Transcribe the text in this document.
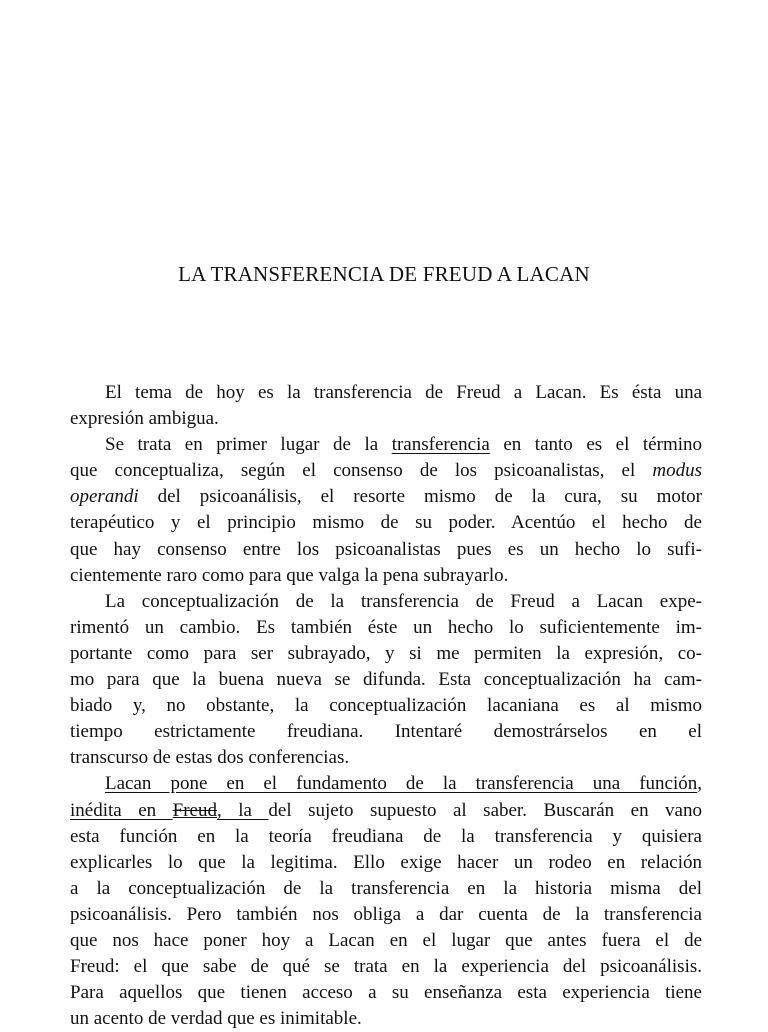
LA TRANSFERENCIA DE FREUD A LACAN
El tema de hoy es la transferencia de Freud a Lacan. Es ésta una
expresión ambigua.
Se trata en primer lugar de la transferencia en tanto es el término
que conceptualiza, según el consenso de los psicoanalistas, el modus
operandi del psicoanálisis, el resorte mismo de la cura, su motor
terapéutico y el principio mismo de su poder. Acentúo el hecho de
que hay consenso entre los psicoanalistas pues es un hecho lo sufi-
cientemente raro como para que valga la pena subrayarlo.
La conceptualización de la transferencia de Freud a Lacan expe-
rimentó un cambio. Es también éste un hecho lo suficientemente im-
portante como para ser subrayado, y si me permiten la expresión, co-
mo para que la buena nueva se difunda. Esta conceptualización ha cam-
biado y, no obstante, la conceptualización lacaniana es al mismo
tiempo estrictamente freudiana. Intentaré demostrárselos en el
transcurso de estas dos conferencias.
Lacan pone en el fundamento de la transferencia una función,
inédita en Freud, la del sujeto supuesto al saber. Buscarán en vano
esta función en la teoría freudiana de la transferencia y quisiera
explicarles lo que la legitima. Ello exige hacer un rodeo en relación
a la conceptualización de la transferencia en la historia misma del
psicoanálisis. Pero también nos obliga a dar cuenta de la transferencia
que nos hace poner hoy a Lacan en el lugar que antes fuera el de
Freud: el que sabe de qué se trata en la experiencia del psicoanálisis.
Para aquellos que tienen acceso a su enseñanza esta experiencia tiene
un acento de verdad que es inimitable.
